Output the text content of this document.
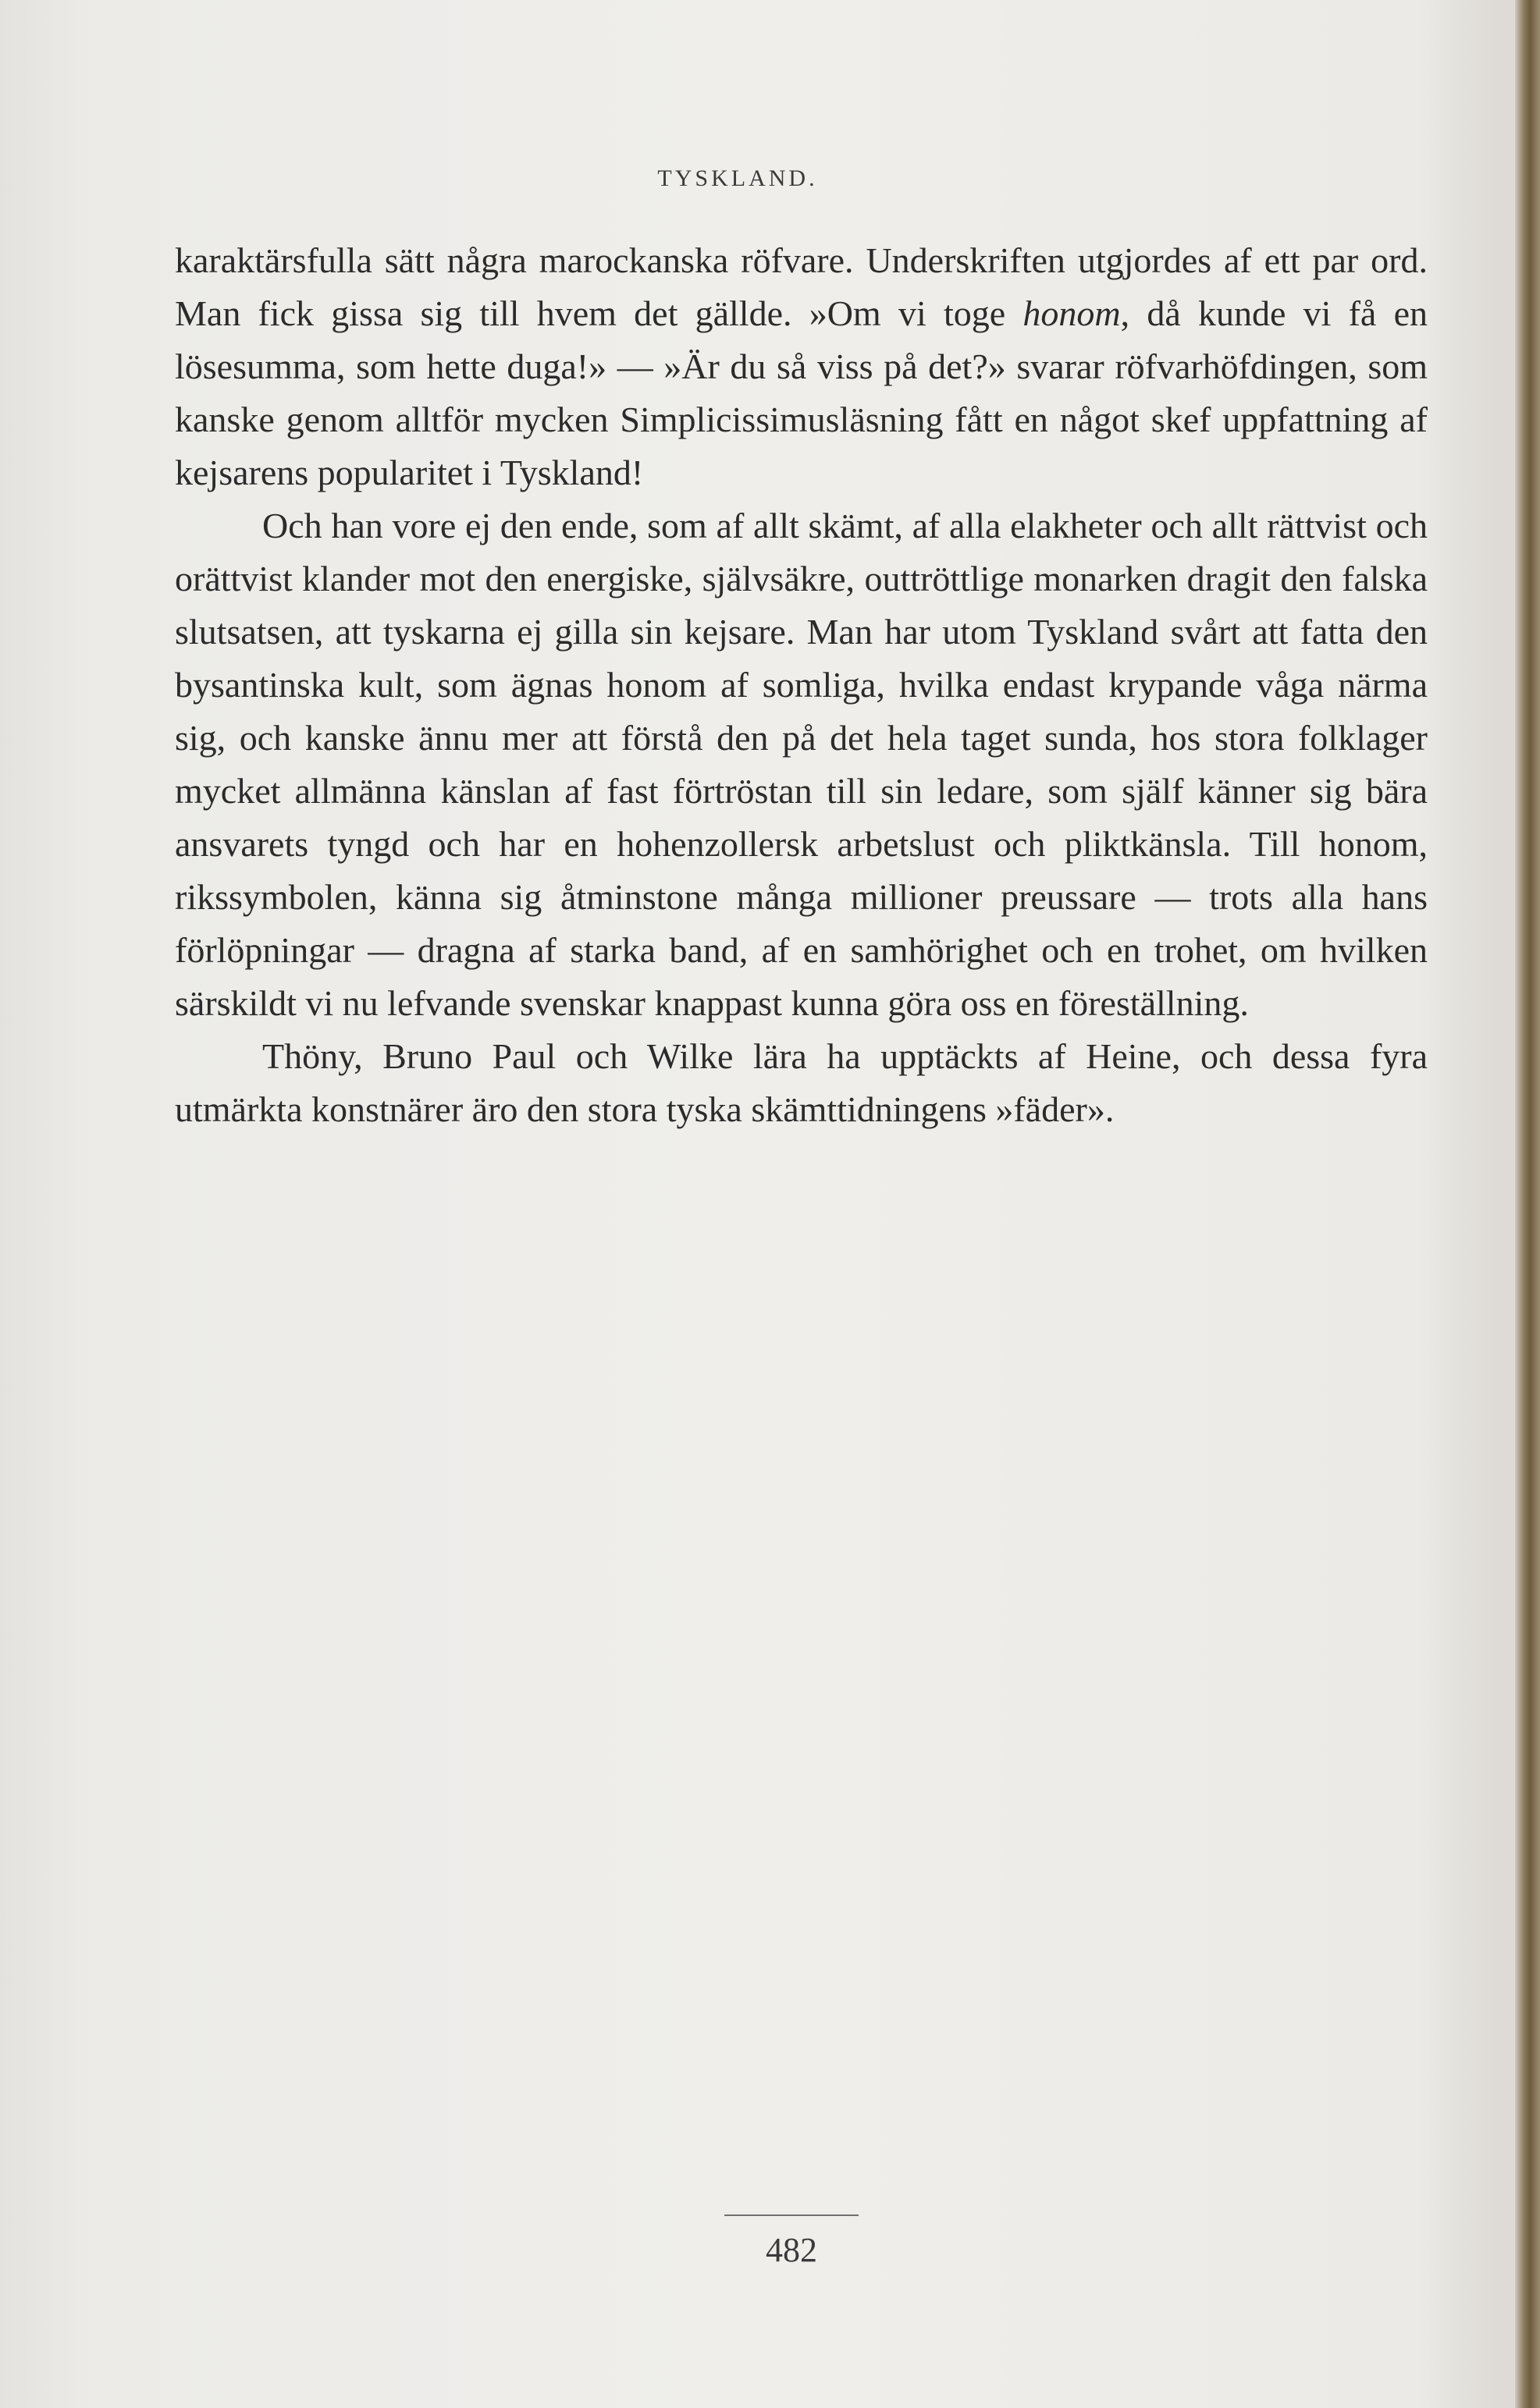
TYSKLAND.

karaktärsfulla sätt några marockanska röfvare. Underskriften utgjordes af ett par ord. Man fick gissa sig till hvem det gällde. »Om vi toge honom, då kunde vi få en lösesumma, som hette duga!» — »Är du så viss på det?» svarar röfvarhöfdingen, som kanske genom alltför mycken Simplicissimusläsning fått en något skef uppfattning af kejsarens popularitet i Tyskland!

Och han vore ej den ende, som af allt skämt, af alla elakheter och allt rättvist och orättvist klander mot den energiske, självsäkre, outtröttlige monarken dragit den falska slutsatsen, att tyskarna ej gilla sin kejsare. Man har utom Tyskland svårt att fatta den bysantinska kult, som ägnas honom af somliga, hvilka endast krypande våga närma sig, och kanske ännu mer att förstå den på det hela taget sunda, hos stora folklager mycket allmänna känslan af fast förtröstan till sin ledare, som själf känner sig bära ansvarets tyngd och har en hohenzollersk arbetslust och pliktkänsla. Till honom, rikssymbolen, känna sig åtminstone många millioner preussare — trots alla hans förlöpningar — dragna af starka band, af en samhörighet och en trohet, om hvilken särskildt vi nu lefvande svenskar knappast kunna göra oss en föreställning.

Thöny, Bruno Paul och Wilke lära ha upptäckts af Heine, och dessa fyra utmärkta konstnärer äro den stora tyska skämttidningens »fäder».

482
